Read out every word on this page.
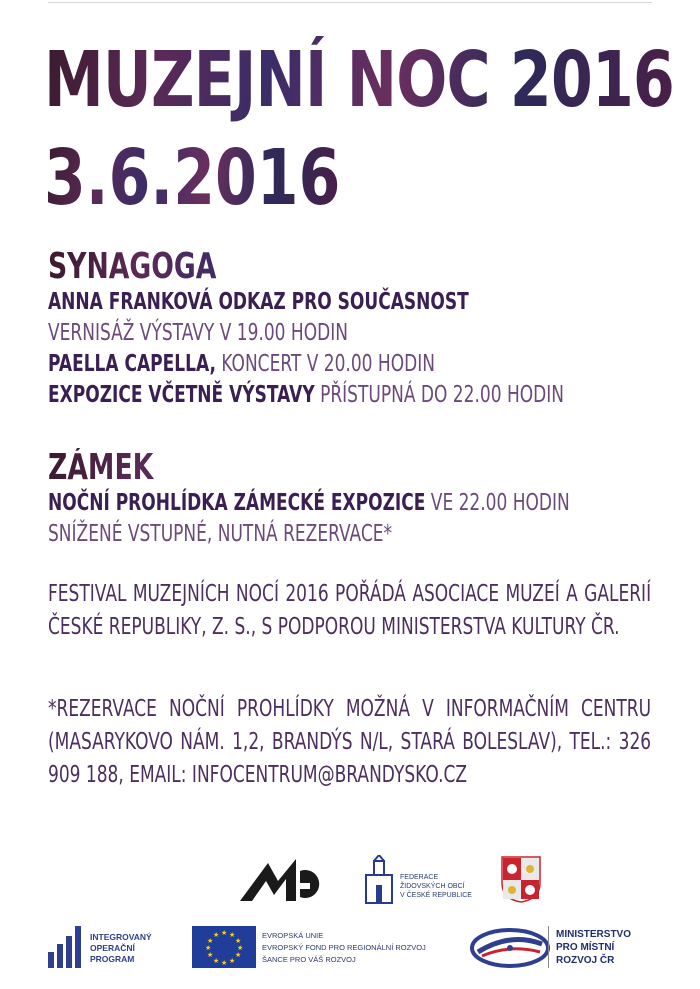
MUZEJNÍ NOC 2016
3.6.2016
SYNAGOGA
ANNA FRANKOVÁ ODKAZ PRO SOUČASNOST
VERNISÁŽ VÝSTAVY V 19.00 HODIN
PAELLA CAPELLA, KONCERT V 20.00 HODIN
EXPOZICE VČETNĚ VÝSTAVY PŘÍSTUPNÁ DO 22.00 HODIN
ZÁMEK
NOČNÍ PROHLÍDKA ZÁMECKÉ EXPOZICE VE 22.00 HODIN
SNÍŽENÉ VSTUPNÉ, NUTNÁ REZERVACE*
FESTIVAL MUZEJNÍCH NOCÍ 2016 POŘÁDÁ ASOCIACE MUZEÍ A GALERIÍ ČESKÉ REPUBLIKY, Z. S., S PODPOROU MINISTERSTVA KULTURY ČR.
*REZERVACE NOČNÍ PROHLÍDKY MOŽNÁ V INFORMAČNÍM CENTRU (MASARYKOVO NÁM. 1,2, BRANDÝS N/L, STARÁ BOLESLAV), TEL.: 326 909 188, EMAIL: INFOCENTRUM@BRANDYSKO.CZ
FEDERACE
ŽIDOVSKÝCH OBCÍ
V ČESKÉ REPUBLICE
INTEGROVANÝ
OPERAČNÍ
PROGRAM
★ ★
★
★
★
★
★
★
★
★
★
★	EVROPSKÁ UNIE
EVROPSKÝ FOND PRO REGIONÁLNÍ ROZVOJ
ŠANCE PRO VÁŠ ROZVOJ
MINISTERSTVO
PRO MÍSTNÍ
ROZVOJ ČR
